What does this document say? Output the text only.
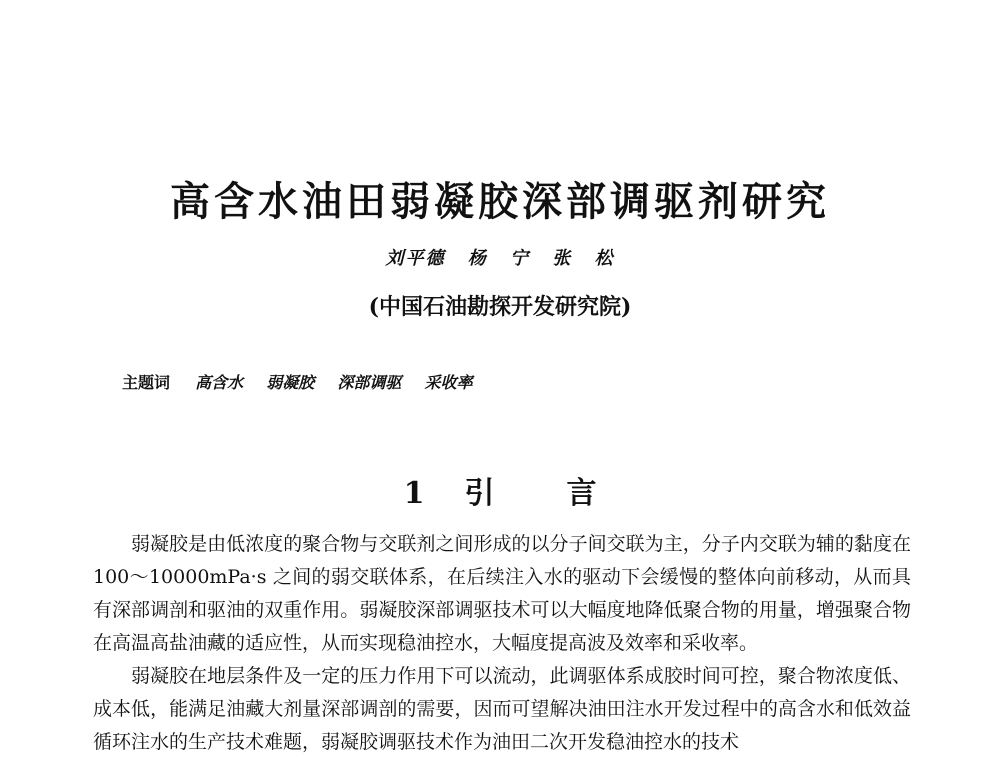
高含水油田弱凝胶深部调驱剂研究
刘平德 杨 宁 张 松
(中国石油勘探开发研究院)
主题词 高含水 弱凝胶 深部调驱 采收率
1 引 言

弱凝胶是由低浓度的聚合物与交联剂之间形成的以分子间交联为主，分子内交联为辅的黏度在 100～10000mPa·s 之间的弱交联体系，在后续注入水的驱动下会缓慢的整体向前移动，从而具有深部调剖和驱油的双重作用。弱凝胶深部调驱技术可以大幅度地降低聚合物的用量，增强聚合物在高温高盐油藏的适应性，从而实现稳油控水，大幅度提高波及效率和采收率。

弱凝胶在地层条件及一定的压力作用下可以流动，此调驱体系成胶时间可控，聚合物浓度低、成本低，能满足油藏大剂量深部调剖的需要，因而可望解决油田注水开发过程中的高含水和低效益循环注水的生产技术难题，弱凝胶调驱技术作为油田二次开发稳油控水的技术
